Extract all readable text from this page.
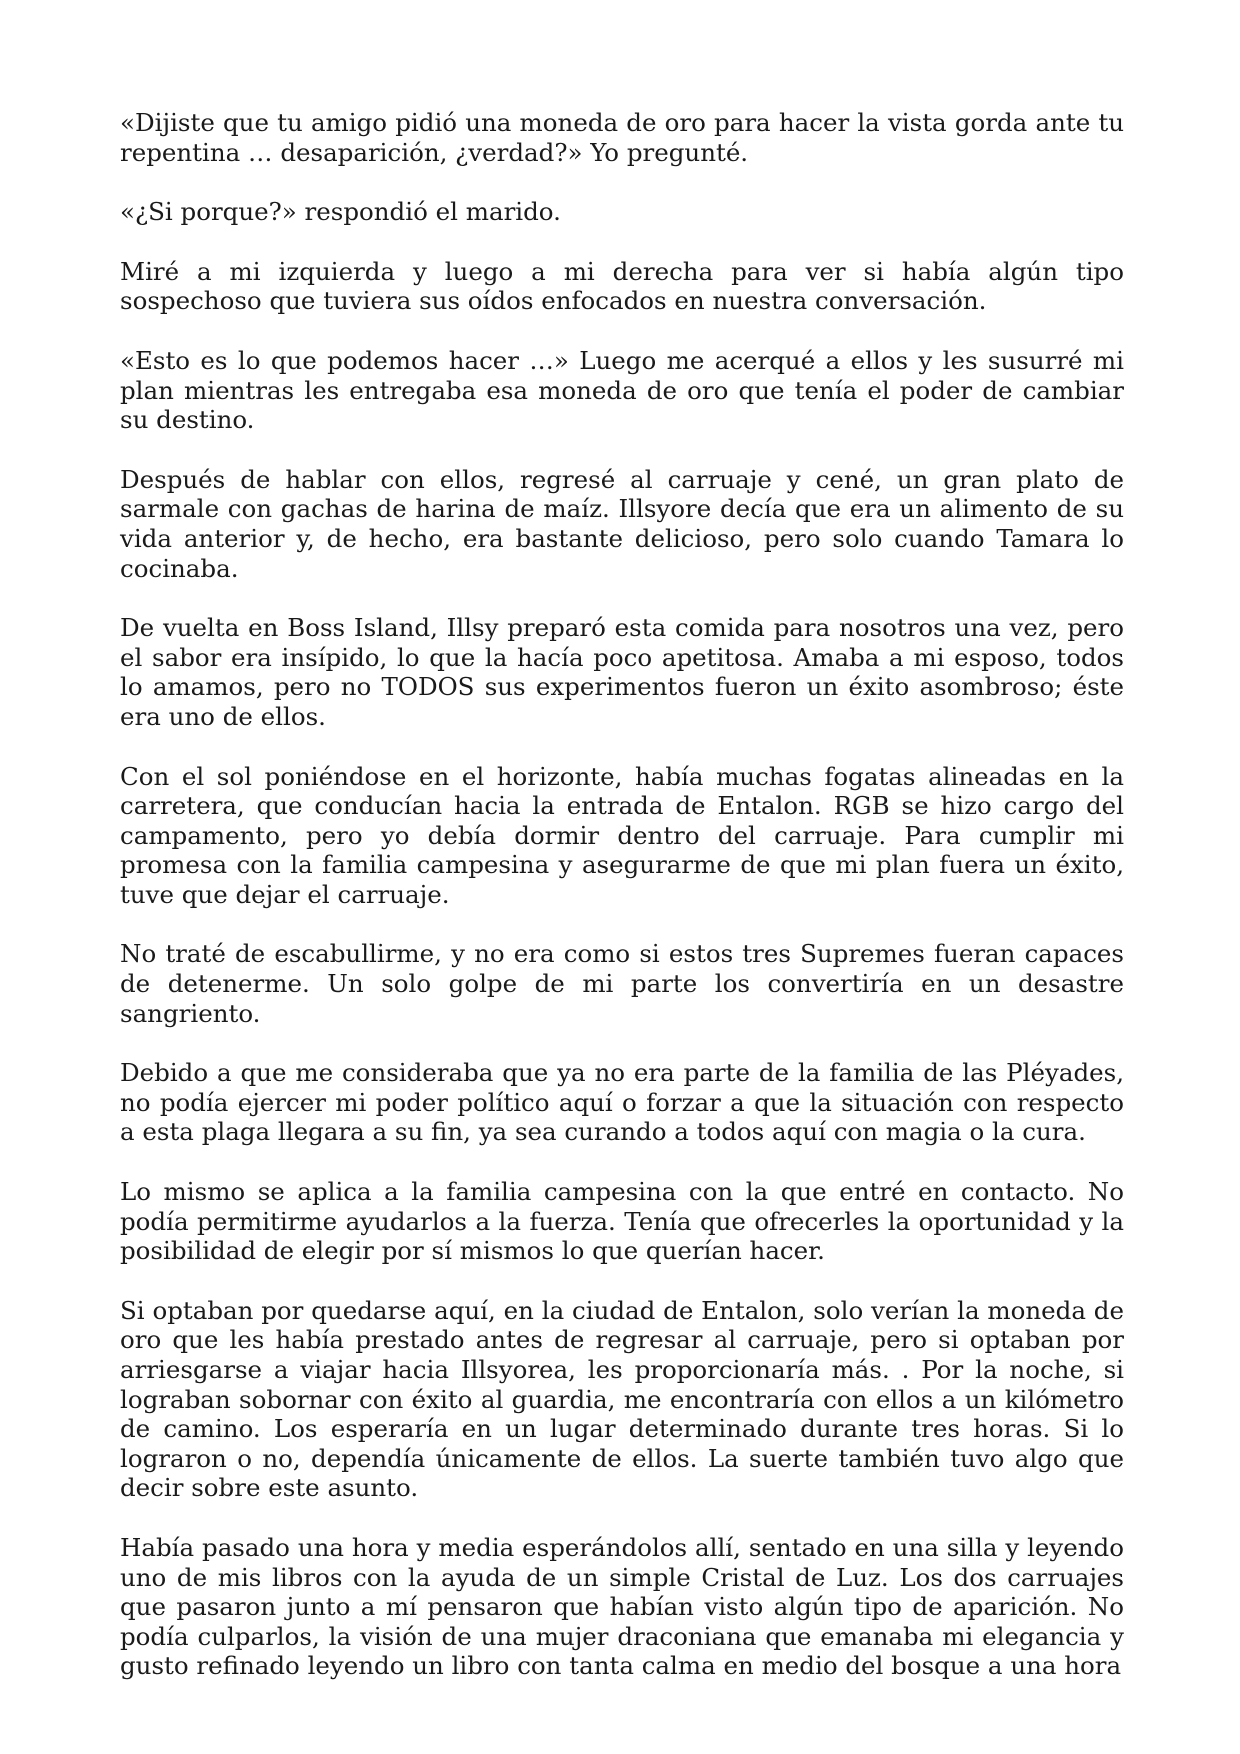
«Dijiste que tu amigo pidió una moneda de oro para hacer la vista gorda ante tu repentina … desaparición, ¿verdad?» Yo pregunté.

«¿Si porque?» respondió el marido.

Miré a mi izquierda y luego a mi derecha para ver si había algún tipo sospechoso que tuviera sus oídos enfocados en nuestra conversación.

«Esto es lo que podemos hacer …» Luego me acerqué a ellos y les susurré mi plan mientras les entregaba esa moneda de oro que tenía el poder de cambiar su destino.

Después de hablar con ellos, regresé al carruaje y cené, un gran plato de sarmale con gachas de harina de maíz. Illsyore decía que era un alimento de su vida anterior y, de hecho, era bastante delicioso, pero solo cuando Tamara lo cocinaba.

De vuelta en Boss Island, Illsy preparó esta comida para nosotros una vez, pero el sabor era insípido, lo que la hacía poco apetitosa. Amaba a mi esposo, todos lo amamos, pero no TODOS sus experimentos fueron un éxito asombroso; éste era uno de ellos.

Con el sol poniéndose en el horizonte, había muchas fogatas alineadas en la carretera, que conducían hacia la entrada de Entalon. RGB se hizo cargo del campamento, pero yo debía dormir dentro del carruaje. Para cumplir mi promesa con la familia campesina y asegurarme de que mi plan fuera un éxito, tuve que dejar el carruaje.

No traté de escabullirme, y no era como si estos tres Supremes fueran capaces de detenerme. Un solo golpe de mi parte los convertiría en un desastre sangriento.

Debido a que me consideraba que ya no era parte de la familia de las Pléyades, no podía ejercer mi poder político aquí o forzar a que la situación con respecto a esta plaga llegara a su fin, ya sea curando a todos aquí con magia o la cura.

Lo mismo se aplica a la familia campesina con la que entré en contacto. No podía permitirme ayudarlos a la fuerza. Tenía que ofrecerles la oportunidad y la posibilidad de elegir por sí mismos lo que querían hacer.

Si optaban por quedarse aquí, en la ciudad de Entalon, solo verían la moneda de oro que les había prestado antes de regresar al carruaje, pero si optaban por arriesgarse a viajar hacia Illsyorea, les proporcionaría más. . Por la noche, si lograban sobornar con éxito al guardia, me encontraría con ellos a un kilómetro de camino. Los esperaría en un lugar determinado durante tres horas. Si lo lograron o no, dependía únicamente de ellos. La suerte también tuvo algo que decir sobre este asunto.

Había pasado una hora y media esperándolos allí, sentado en una silla y leyendo uno de mis libros con la ayuda de un simple Cristal de Luz. Los dos carruajes que pasaron junto a mí pensaron que habían visto algún tipo de aparición. No podía culparlos, la visión de una mujer draconiana que emanaba mi elegancia y gusto refinado leyendo un libro con tanta calma en medio del bosque a una hora
